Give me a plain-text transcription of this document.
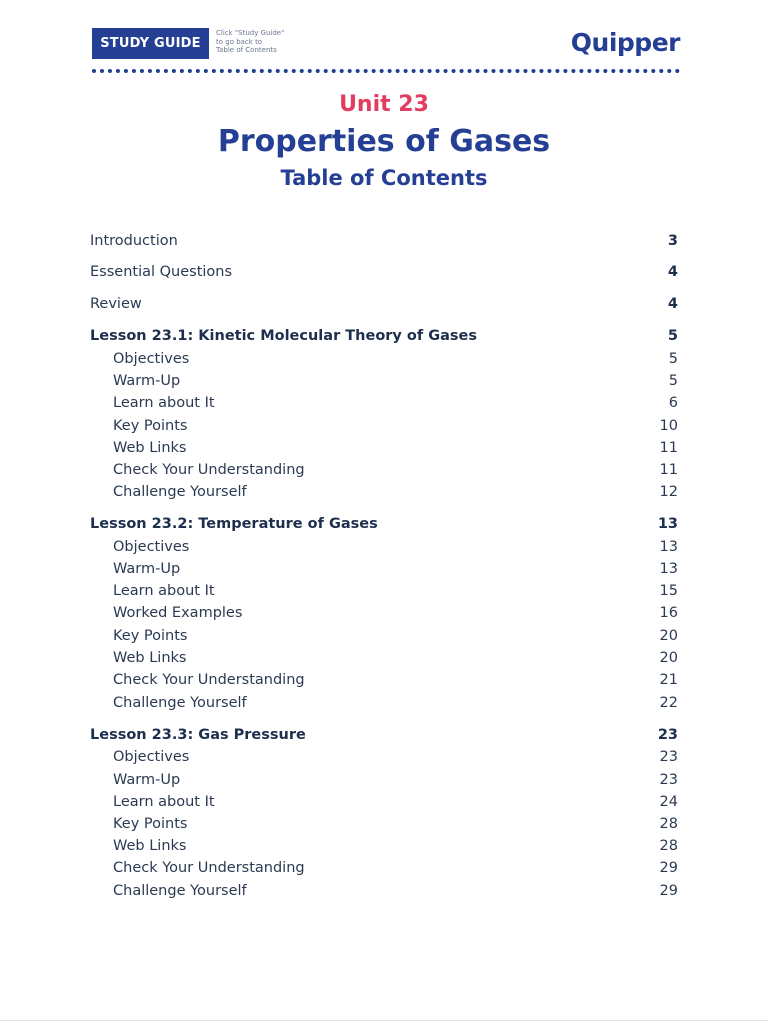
STUDY GUIDE
Click "Study Guide"
to go back to
Table of Contents	Quipper
Unit 23
Properties of Gases
Table of Contents
Introduction	3
Essential Questions	4
Review	4
Lesson 23.1: Kinetic Molecular Theory of Gases	5
Objectives	5
Warm-Up	5
Learn about It	6
Key Points	10
Web Links	11
Check Your Understanding	11
Challenge Yourself	12
Lesson 23.2: Temperature of Gases	13
Objectives	13
Warm-Up	13
Learn about It	15
Worked Examples	16
Key Points	20
Web Links	20
Check Your Understanding	21
Challenge Yourself	22
Lesson 23.3: Gas Pressure	23
Objectives	23
Warm-Up	23
Learn about It	24
Key Points	28
Web Links	28
Check Your Understanding	29
Challenge Yourself	29
